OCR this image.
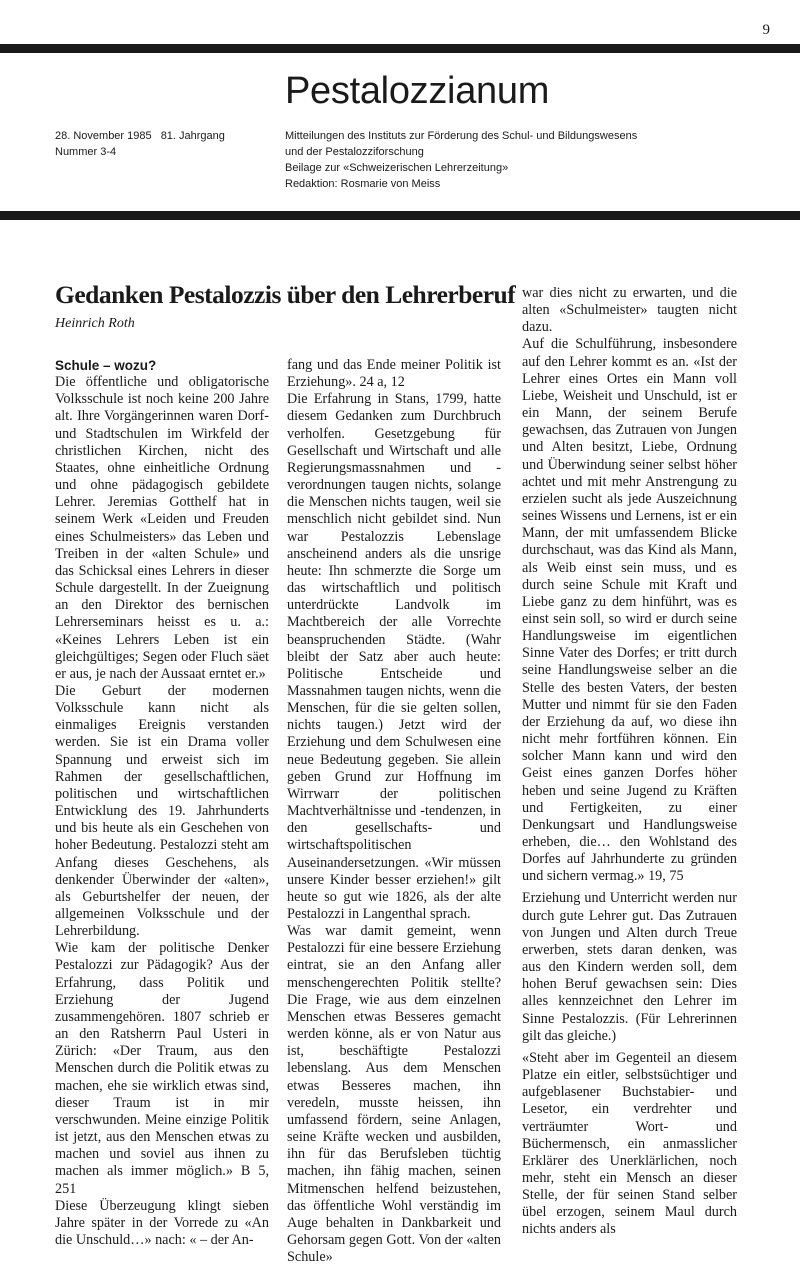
9
Pestalozzianum
28. November 1985 81. Jahrgang
Nummer 3-4
Mitteilungen des Instituts zur Förderung des Schul- und Bildungswesens
und der Pestalozziforschung
Beilage zur «Schweizerischen Lehrerzeitung»
Redaktion: Rosmarie von Meiss
Gedanken Pestalozzis über den Lehrerberuf
Heinrich Roth

Schule – wozu?

Die öffentliche und obligatorische Volksschule ist noch keine 200 Jahre alt. Ihre Vorgängerinnen waren Dorf- und Stadtschulen im Wirkfeld der christlichen Kirchen, nicht des Staates, ohne einheitliche Ordnung und ohne pädagogisch gebildete Lehrer. Jeremias Gotthelf hat in seinem Werk «Leiden und Freuden eines Schulmeisters» das Leben und Treiben in der «alten Schule» und das Schicksal eines Lehrers in dieser Schule dargestellt. In der Zueignung an den Direktor des bernischen Lehrerseminars heisst es u. a.: «Keines Lehrers Leben ist ein gleichgültiges; Segen oder Fluch säet er aus, je nach der Aussaat erntet er.»

Die Geburt der modernen Volksschule kann nicht als einmaliges Ereignis verstanden werden. Sie ist ein Drama voller Spannung und erweist sich im Rahmen der gesellschaftlichen, politischen und wirtschaftlichen Entwicklung des 19. Jahrhunderts und bis heute als ein Geschehen von hoher Bedeutung. Pestalozzi steht am Anfang dieses Geschehens, als denkender Überwinder der «alten», als Geburtshelfer der neuen, der allgemeinen Volksschule und der Lehrerbildung.

Wie kam der politische Denker Pestalozzi zur Pädagogik? Aus der Erfahrung, dass Politik und Erziehung der Jugend zusammengehören. 1807 schrieb er an den Ratsherrn Paul Usteri in Zürich: «Der Traum, aus den Menschen durch die Politik etwas zu machen, ehe sie wirklich etwas sind, dieser Traum ist in mir verschwunden. Meine einzige Politik ist jetzt, aus den Menschen etwas zu machen und soviel aus ihnen zu machen als immer möglich.» B 5, 251

Diese Überzeugung klingt sieben Jahre später in der Vorrede zu «An die Unschuld…» nach: « – der An-

fang und das Ende meiner Politik ist Erziehung». 24 a, 12

Die Erfahrung in Stans, 1799, hatte diesem Gedanken zum Durchbruch verholfen. Gesetzgebung für Gesellschaft und Wirtschaft und alle Regierungsmassnahmen und -verordnungen taugen nichts, solange die Menschen nichts taugen, weil sie menschlich nicht gebildet sind. Nun war Pestalozzis Lebenslage anscheinend anders als die unsrige heute: Ihn schmerzte die Sorge um das wirtschaftlich und politisch unterdrückte Landvolk im Machtbereich der alle Vorrechte beanspruchenden Städte. (Wahr bleibt der Satz aber auch heute: Politische Entscheide und Massnahmen taugen nichts, wenn die Menschen, für die sie gelten sollen, nichts taugen.) Jetzt wird der Erziehung und dem Schulwesen eine neue Bedeutung gegeben. Sie allein geben Grund zur Hoffnung im Wirrwarr der politischen Machtverhältnisse und -tendenzen, in den gesellschafts- und wirtschaftspolitischen Auseinandersetzungen. «Wir müssen unsere Kinder besser erziehen!» gilt heute so gut wie 1826, als der alte Pestalozzi in Langenthal sprach.

Was war damit gemeint, wenn Pestalozzi für eine bessere Erziehung eintrat, sie an den Anfang aller menschengerechten Politik stellte? Die Frage, wie aus dem einzelnen Menschen etwas Besseres gemacht werden könne, als er von Natur aus ist, beschäftigte Pestalozzi lebenslang. Aus dem Menschen etwas Besseres machen, ihn veredeln, musste heissen, ihn umfassend fördern, seine Anlagen, seine Kräfte wecken und ausbilden, ihn für das Berufsleben tüchtig machen, ihn fähig machen, seinen Mitmenschen helfend beizustehen, das öffentliche Wohl verständig im Auge behalten in Dankbarkeit und Gehorsam gegen Gott. Von der «alten Schule»

war dies nicht zu erwarten, und die alten «Schulmeister» taugten nicht dazu.

Auf die Schulführung, insbesondere auf den Lehrer kommt es an. «Ist der Lehrer eines Ortes ein Mann voll Liebe, Weisheit und Unschuld, ist er ein Mann, der seinem Berufe gewachsen, das Zutrauen von Jungen und Alten besitzt, Liebe, Ordnung und Überwindung seiner selbst höher achtet und mit mehr Anstrengung zu erzielen sucht als jede Auszeichnung seines Wissens und Lernens, ist er ein Mann, der mit umfassendem Blicke durchschaut, was das Kind als Mann, als Weib einst sein muss, und es durch seine Schule mit Kraft und Liebe ganz zu dem hinführt, was es einst sein soll, so wird er durch seine Handlungsweise im eigentlichen Sinne Vater des Dorfes; er tritt durch seine Handlungsweise selber an die Stelle des besten Vaters, der besten Mutter und nimmt für sie den Faden der Erziehung da auf, wo diese ihn nicht mehr fortführen können. Ein solcher Mann kann und wird den Geist eines ganzen Dorfes höher heben und seine Jugend zu Kräften und Fertigkeiten, zu einer Denkungsart und Handlungsweise erheben, die… den Wohlstand des Dorfes auf Jahrhunderte zu gründen und sichern vermag.» 19, 75

Erziehung und Unterricht werden nur durch gute Lehrer gut. Das Zutrauen von Jungen und Alten durch Treue erwerben, stets daran denken, was aus den Kindern werden soll, dem hohen Beruf gewachsen sein: Dies alles kennzeichnet den Lehrer im Sinne Pestalozzis. (Für Lehrerinnen gilt das gleiche.)

«Steht aber im Gegenteil an diesem Platze ein eitler, selbstsüchtiger und aufgeblasener Buchstabier- und Lesetor, ein verdrehter und verträumter Wort- und Büchermensch, ein anmasslicher Erklärer des Unerklärlichen, noch mehr, steht ein Mensch an dieser Stelle, der für seinen Stand selber übel erzogen, seinem Maul durch nichts anders als
